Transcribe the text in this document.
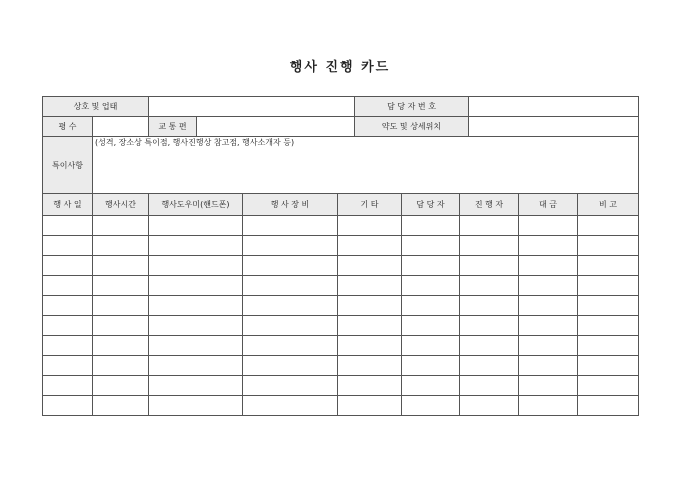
행사 진행 카드
상호 및 업태				담 당 자 번 호	
평 수		교 통 편		약도 및 상세위치	
특이사항	(성격, 장소상 특이점, 행사진행상 참고점, 행사소개자 등)				
행 사 일	행사시간	행사도우미(핸드폰)	행 사 장 비	기 타	담 당 자	진 행 자	대 금	비 고
